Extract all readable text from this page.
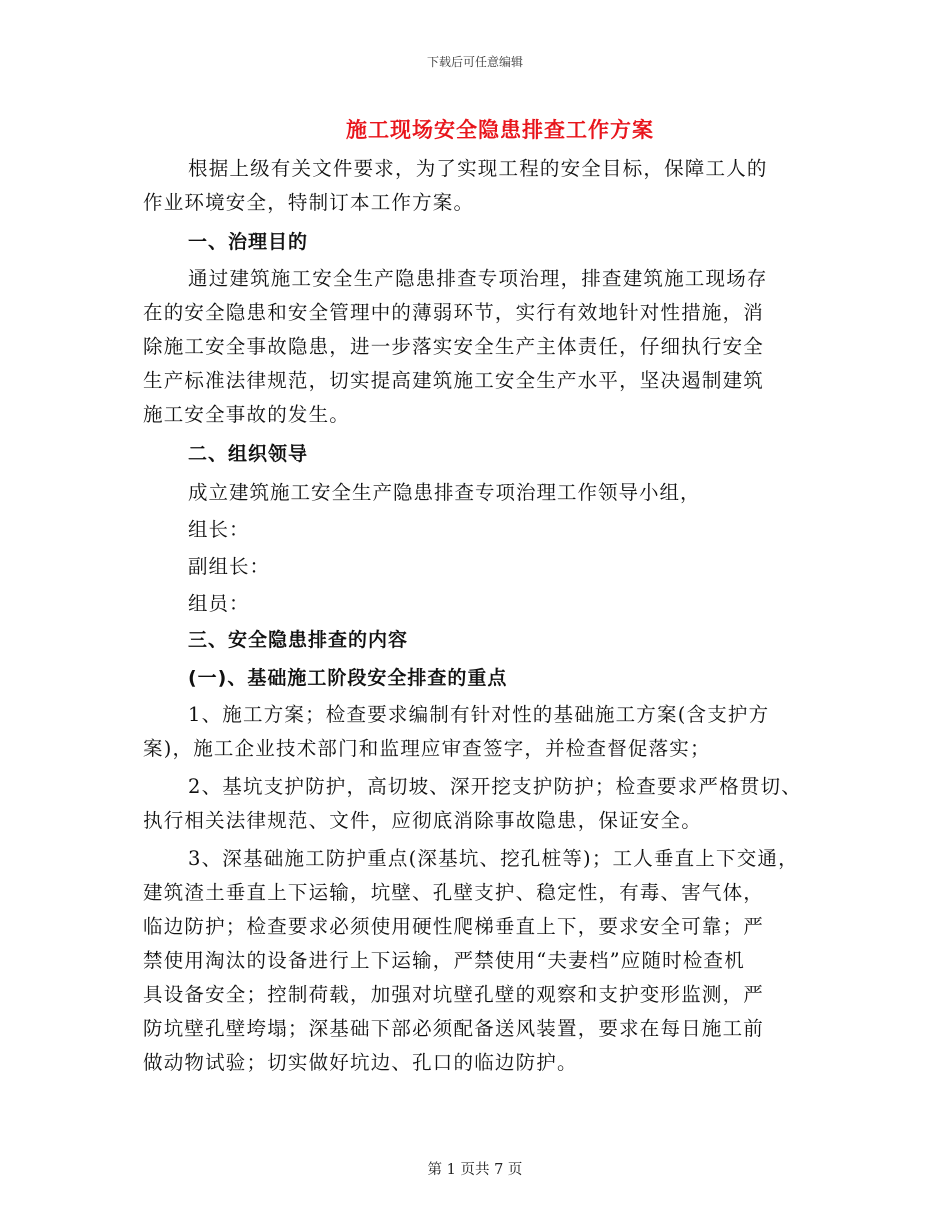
下载后可任意编辑
施工现场安全隐患排查工作方案
根据上级有关文件要求，为了实现工程的安全目标，保障工人的
作业环境安全，特制订本工作方案。
一、治理目的
通过建筑施工安全生产隐患排查专项治理，排查建筑施工现场存
在的安全隐患和安全管理中的薄弱环节，实行有效地针对性措施，消
除施工安全事故隐患，进一步落实安全生产主体责任，仔细执行安全
生产标准法律规范，切实提高建筑施工安全生产水平，坚决遏制建筑
施工安全事故的发生。
二、组织领导
成立建筑施工安全生产隐患排查专项治理工作领导小组，
组长：
副组长：
组员：
三、安全隐患排查的内容
(一)、基础施工阶段安全排查的重点
1、施工方案；检查要求编制有针对性的基础施工方案(含支护方
案)，施工企业技术部门和监理应审查签字，并检查督促落实；
2、基坑支护防护，高切坡、深开挖支护防护；检查要求严格贯切、
执行相关法律规范、文件，应彻底消除事故隐患，保证安全。
3、深基础施工防护重点(深基坑、挖孔桩等)；工人垂直上下交通，
建筑渣土垂直上下运输，坑壁、孔壁支护、稳定性，有毒、害气体，
临边防护；检查要求必须使用硬性爬梯垂直上下，要求安全可靠；严
禁使用淘汰的设备进行上下运输，严禁使用“夫妻档”应随时检查机
具设备安全；控制荷载，加强对坑壁孔壁的观察和支护变形监测，严
防坑壁孔壁垮塌；深基础下部必须配备送风装置，要求在每日施工前
做动物试验；切实做好坑边、孔口的临边防护。
第 1 页共 7 页
